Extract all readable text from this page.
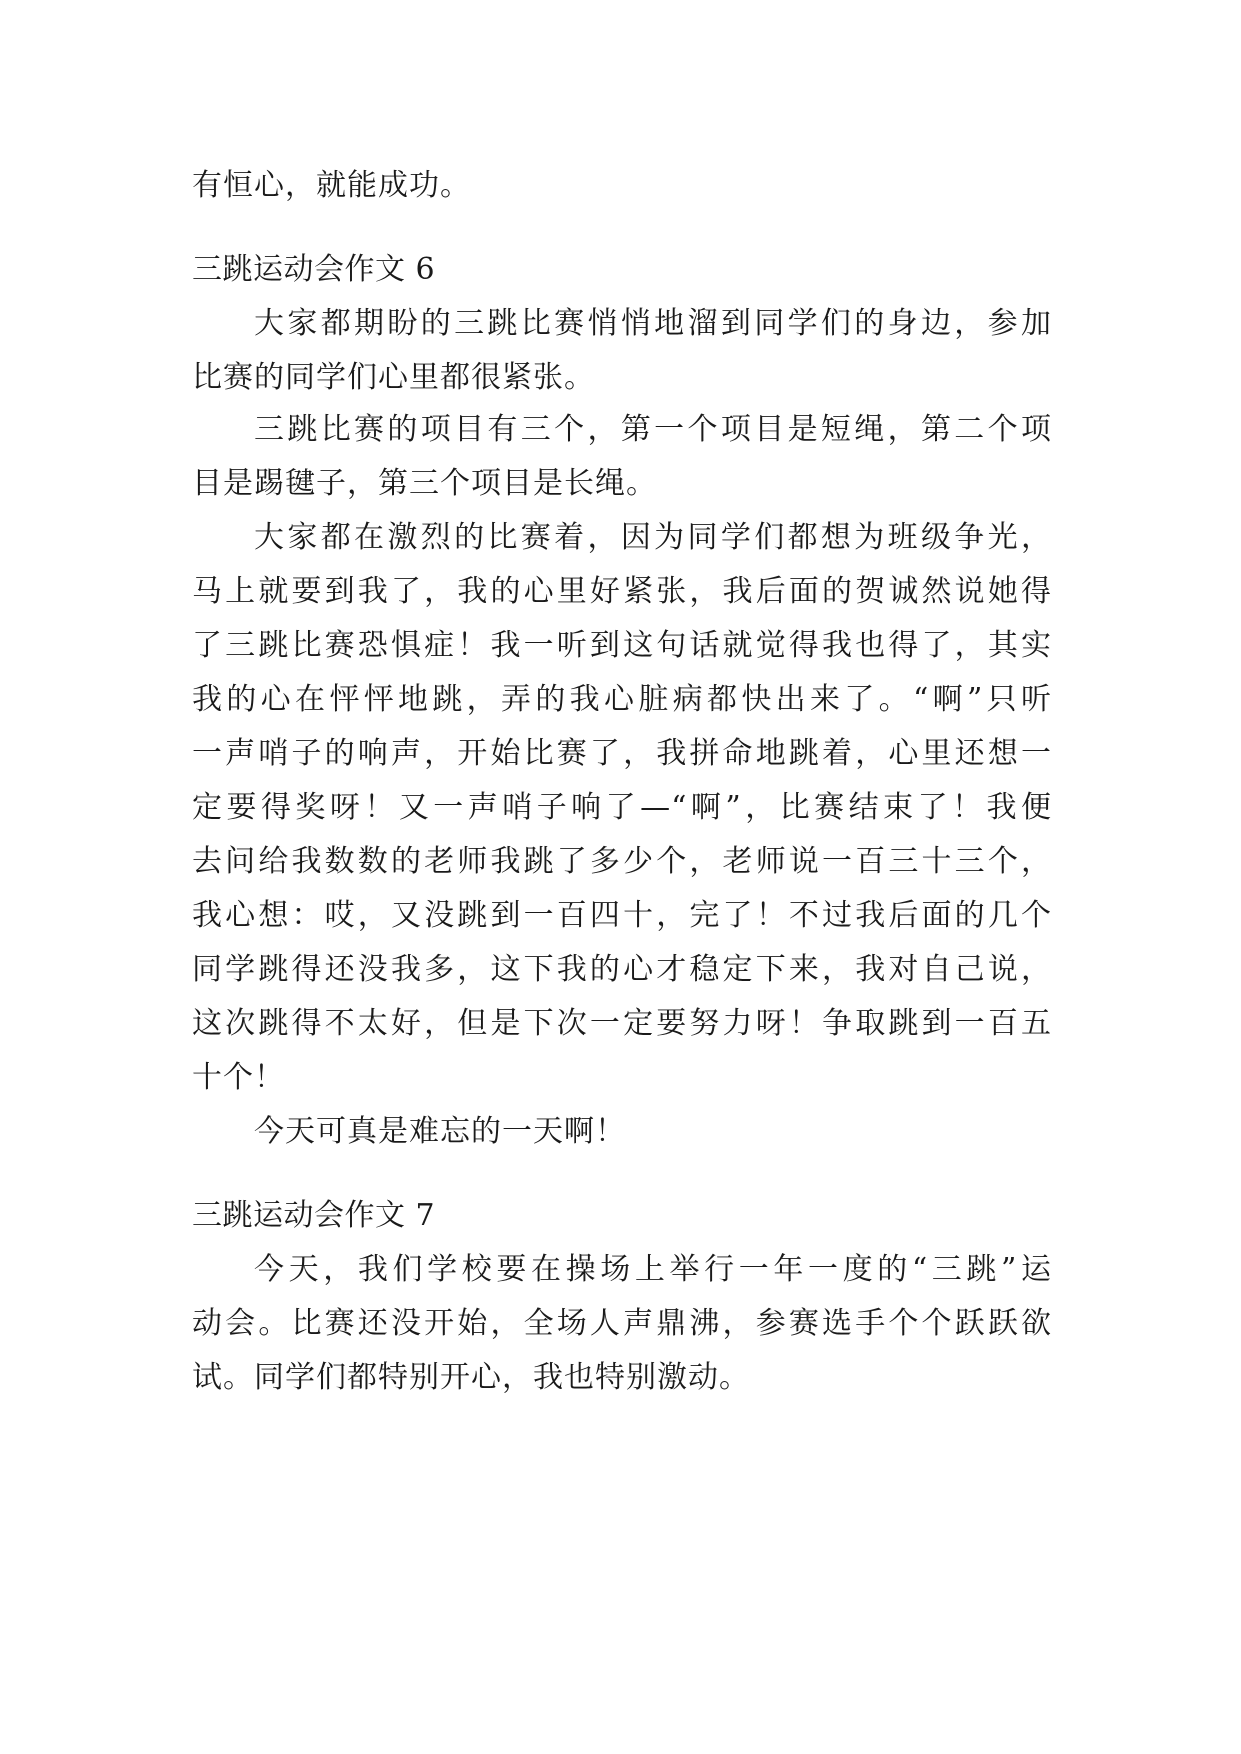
有恒心，就能成功。
三跳运动会作文 6
大家都期盼的三跳比赛悄悄地溜到同学们的身边，参加
比赛的同学们心里都很紧张。
三跳比赛的项目有三个，第一个项目是短绳，第二个项
目是踢毽子，第三个项目是长绳。
大家都在激烈的比赛着，因为同学们都想为班级争光，
马上就要到我了，我的心里好紧张，我后面的贺诚然说她得
了三跳比赛恐惧症！我一听到这句话就觉得我也得了，其实
我的心在怦怦地跳，弄的我心脏病都快出来了。“啊”只听
一声哨子的响声，开始比赛了，我拼命地跳着，心里还想一
定要得奖呀！又一声哨子响了—“啊”，比赛结束了！我便
去问给我数数的老师我跳了多少个，老师说一百三十三个，
我心想：哎，又没跳到一百四十，完了！不过我后面的几个
同学跳得还没我多，这下我的心才稳定下来，我对自己说，
这次跳得不太好，但是下次一定要努力呀！争取跳到一百五
十个！
今天可真是难忘的一天啊！
三跳运动会作文 7
今天，我们学校要在操场上举行一年一度的“三跳”运
动会。比赛还没开始，全场人声鼎沸，参赛选手个个跃跃欲
试。同学们都特别开心，我也特别激动。
